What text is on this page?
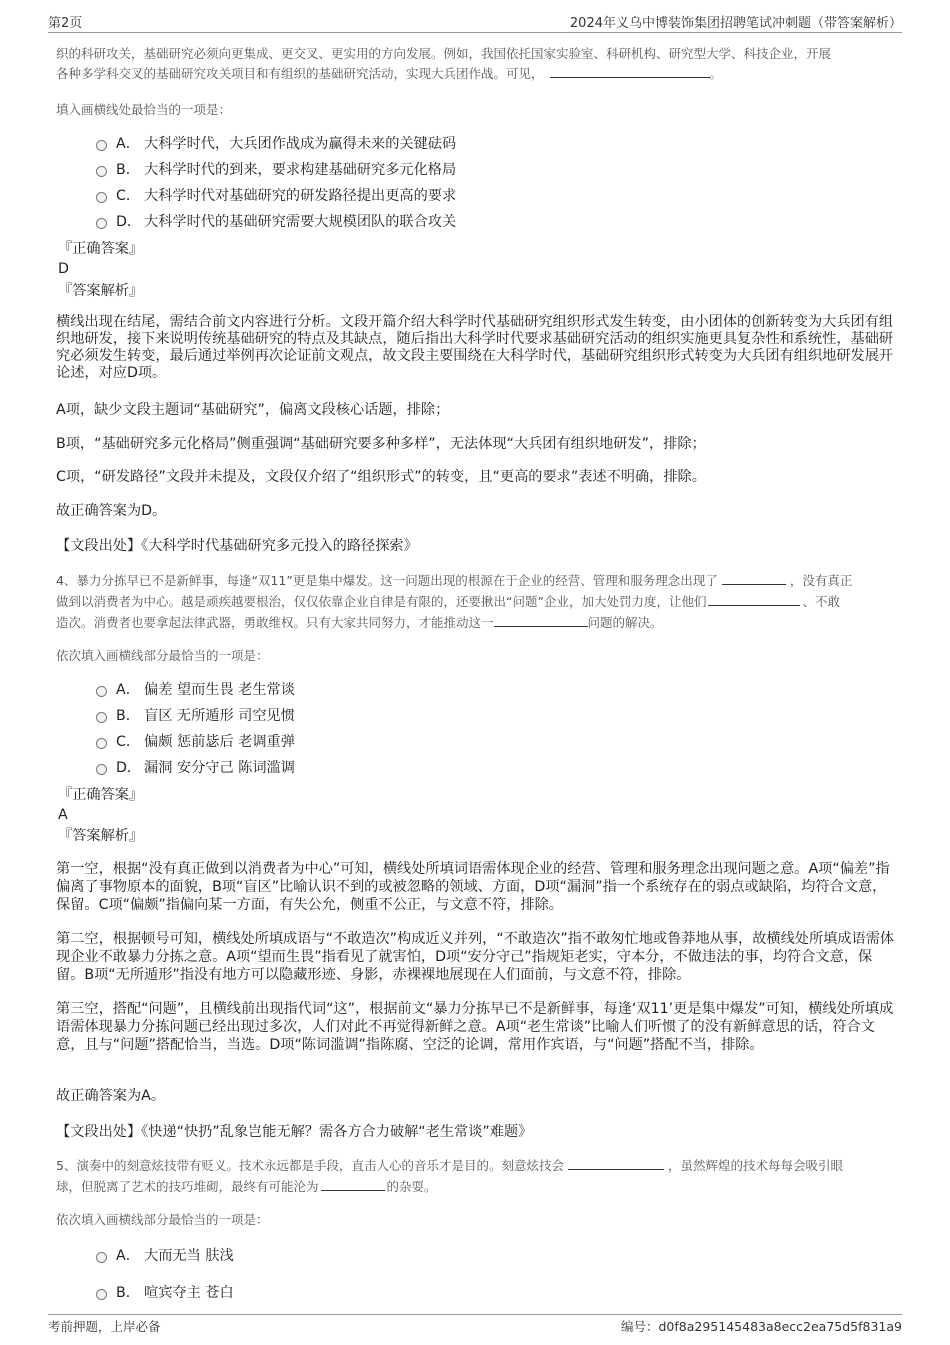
第2页	2024年义乌中博装饰集团招聘笔试冲刺题（带答案解析）
织的科研攻关，基础研究必须向更集成、更交叉、更实用的方向发展。例如，我国依托国家实验室、科研机构、研究型大学、科技企业，开展
各种多学科交叉的基础研究攻关项目和有组织的基础研究活动，实现大兵团作战。可见，	。
填入画横线处最恰当的一项是：
A． 大科学时代，大兵团作战成为赢得未来的关键砝码
B． 大科学时代的到来，要求构建基础研究多元化格局
C． 大科学时代对基础研究的研发路径提出更高的要求
D． 大科学时代的基础研究需要大规模团队的联合攻关
『正确答案』
D
『答案解析』
横线出现在结尾，需结合前文内容进行分析。文段开篇介绍大科学时代基础研究组织形式发生转变，由小团体的创新转变为大兵团有组织地研发，接下来说明传统基础研究的特点及其缺点，随后指出大科学时代要求基础研究活动的组织实施更具复杂性和系统性，基础研究必须发生转变，最后通过举例再次论证前文观点，故文段主要围绕在大科学时代，基础研究组织形式转变为大兵团有组织地研发展开论述，对应D项。
A项，缺少文段主题词“基础研究”，偏离文段核心话题，排除；
B项，“基础研究多元化格局”侧重强调“基础研究要多种多样”，无法体现“大兵团有组织地研发”，排除；
C项，“研发路径”文段并未提及，文段仅介绍了“组织形式”的转变，且“更高的要求”表述不明确，排除。
故正确答案为D。
【文段出处】《大科学时代基础研究多元投入的路径探索》
4、暴力分拣早已不是新鲜事，每逢“双11”更是集中爆发。这一问题出现的根源在于企业的经营、管理和服务理念出现了	，没有真正
做到以消费者为中心。越是顽疾越要根治，仅仅依靠企业自律是有限的，还要揪出“问题”企业，加大处罚力度，让他们	、不敢
造次。消费者也要拿起法律武器，勇敢维权。只有大家共同努力，才能推动这一	问题的解决。
依次填入画横线部分最恰当的一项是：
A． 偏差 望而生畏 老生常谈
B． 盲区 无所遁形 司空见惯
C． 偏颇 惩前毖后 老调重弹
D． 漏洞 安分守己 陈词滥调
『正确答案』
A
『答案解析』
第一空，根据“没有真正做到以消费者为中心”可知，横线处所填词语需体现企业的经营、管理和服务理念出现问题之意。A项“偏差”指偏离了事物原本的面貌，B项“盲区”比喻认识不到的或被忽略的领域、方面，D项“漏洞”指一个系统存在的弱点或缺陷，均符合文意，保留。C项“偏颇”指偏向某一方面，有失公允，侧重不公正，与文意不符，排除。
第二空，根据顿号可知，横线处所填成语与“不敢造次”构成近义并列，“不敢造次”指不敢匆忙地或鲁莽地从事，故横线处所填成语需体现企业不敢暴力分拣之意。A项“望而生畏”指看见了就害怕，D项“安分守己”指规矩老实，守本分，不做违法的事，均符合文意，保留。B项“无所遁形”指没有地方可以隐藏形迹、身影，赤裸裸地展现在人们面前，与文意不符，排除。
第三空，搭配“问题”，且横线前出现指代词“这”，根据前文“暴力分拣早已不是新鲜事，每逢‘双11’更是集中爆发”可知，横线处所填成语需体现暴力分拣问题已经出现过多次，人们对此不再觉得新鲜之意。A项“老生常谈”比喻人们听惯了的没有新鲜意思的话，符合文意，且与“问题”搭配恰当，当选。D项“陈词滥调”指陈腐、空泛的论调，常用作宾语，与“问题”搭配不当，排除。
故正确答案为A。
【文段出处】《快递“快扔”乱象岂能无解？需各方合力破解“老生常谈”难题》
5、演奏中的刻意炫技带有贬义。技术永远都是手段，直击人心的音乐才是目的。刻意炫技会	，虽然辉煌的技术每每会吸引眼
球，但脱离了艺术的技巧堆砌，最终有可能沦为	的杂耍。
依次填入画横线部分最恰当的一项是：
A． 大而无当 肤浅
B． 喧宾夺主 苍白
考前押题，上岸必备	编号：d0f8a295145483a8ecc2ea75d5f831a9
